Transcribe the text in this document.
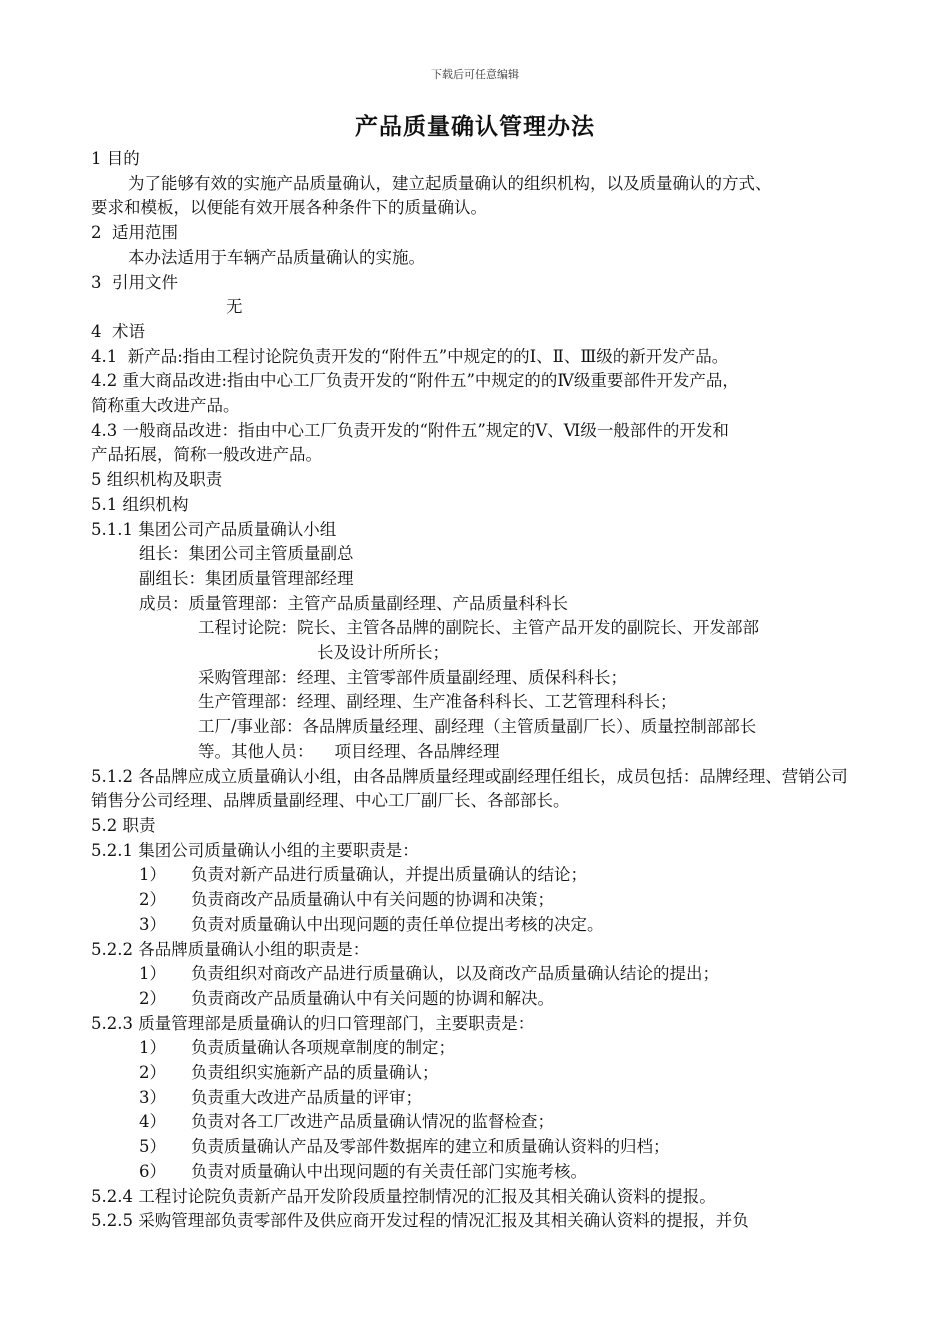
下载后可任意编辑
产品质量确认管理办法

1 目的

为了能够有效的实施产品质量确认，建立起质量确认的组织机构，以及质量确认的方式、

要求和模板，以便能有效开展各种条件下的质量确认。

2  适用范围

本办法适用于车辆产品质量确认的实施。

3  引用文件

无

4  术语

4.1  新产品:指由工程讨论院负责开发的“附件五”中规定的的Ⅰ、Ⅱ、Ⅲ级的新开发产品。

4.2 重大商品改进:指由中心工厂负责开发的“附件五”中规定的的Ⅳ级重要部件开发产品，

简称重大改进产品。

4.3 一般商品改进：指由中心工厂负责开发的“附件五”规定的Ⅴ、Ⅵ级一般部件的开发和

产品拓展，简称一般改进产品。

5 组织机构及职责

5.1 组织机构

5.1.1 集团公司产品质量确认小组

组长：集团公司主管质量副总

副组长：集团质量管理部经理

成员：质量管理部：主管产品质量副经理、产品质量科科长

工程讨论院：院长、主管各品牌的副院长、主管产品开发的副院长、开发部部

长及设计所所长；

采购管理部：经理、主管零部件质量副经理、质保科科长；

生产管理部：经理、副经理、生产准备科科长、工艺管理科科长；

工厂/事业部：各品牌质量经理、副经理（主管质量副厂长）、质量控制部部长

等。其他人员：    项目经理、各品牌经理

5.1.2 各品牌应成立质量确认小组，由各品牌质量经理或副经理任组长，成员包括：品牌经理、营销公司销售分公司经理、品牌质量副经理、中心工厂副厂长、各部部长。

5.2 职责

5.2.1 集团公司质量确认小组的主要职责是：

1） 负责对新产品进行质量确认，并提出质量确认的结论；

2） 负责商改产品质量确认中有关问题的协调和决策；

3） 负责对质量确认中出现问题的责任单位提出考核的决定。

5.2.2 各品牌质量确认小组的职责是：

1） 负责组织对商改产品进行质量确认，以及商改产品质量确认结论的提出；

2） 负责商改产品质量确认中有关问题的协调和解决。

5.2.3 质量管理部是质量确认的归口管理部门，主要职责是：

1） 负责质量确认各项规章制度的制定；

2） 负责组织实施新产品的质量确认；

3） 负责重大改进产品质量的评审；

4） 负责对各工厂改进产品质量确认情况的监督检查；

5） 负责质量确认产品及零部件数据库的建立和质量确认资料的归档；

6） 负责对质量确认中出现问题的有关责任部门实施考核。

5.2.4 工程讨论院负责新产品开发阶段质量控制情况的汇报及其相关确认资料的提报。

5.2.5 采购管理部负责零部件及供应商开发过程的情况汇报及其相关确认资料的提报，并负
